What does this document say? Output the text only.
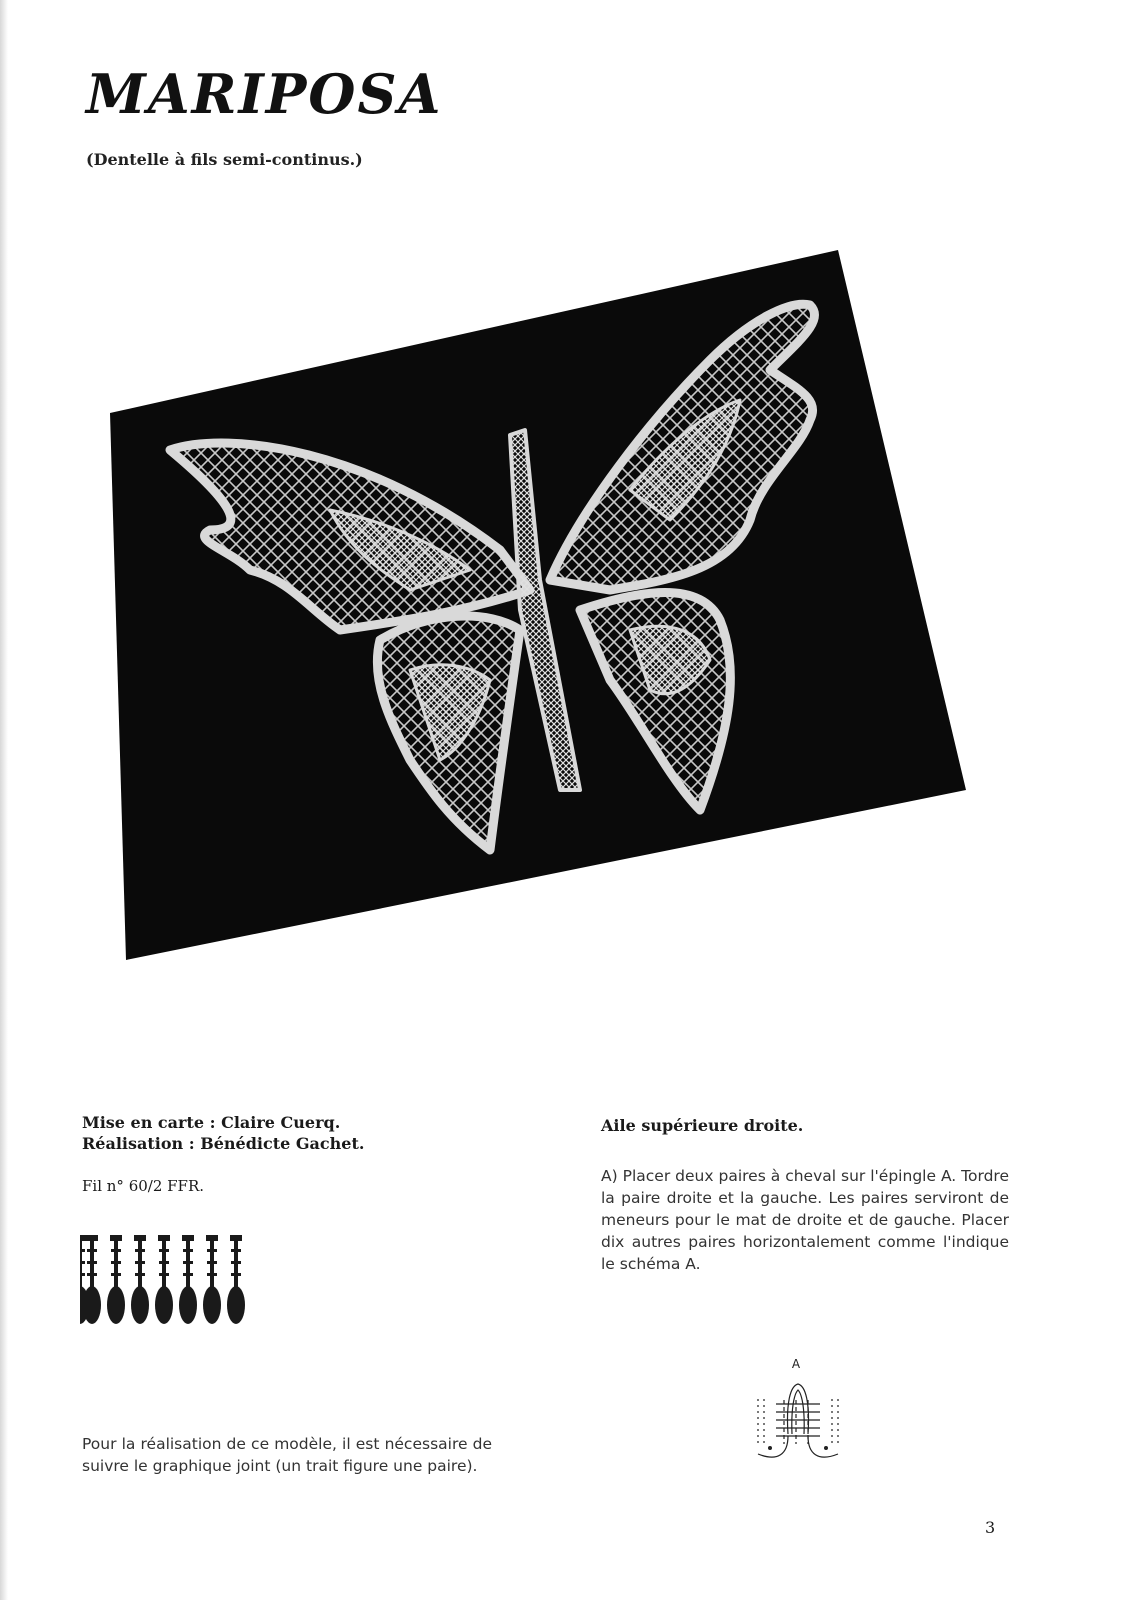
MARIPOSA

(Dentelle à fils semi-continus.)

Mise en carte : Claire Cuerq.

Réalisation : Bénédicte Gachet.

Fil n° 60/2 FFR.

Pour la réalisation de ce modèle, il est nécessaire de suivre le graphique joint (un trait figure une paire).

Aile supérieure droite.

A) Placer deux paires à cheval sur l'épingle A. Tordre la paire droite et la gauche. Les paires serviront de meneurs pour le mat de droite et de gauche. Placer dix autres paires horizontalement comme l'indique le schéma A.

A

3
